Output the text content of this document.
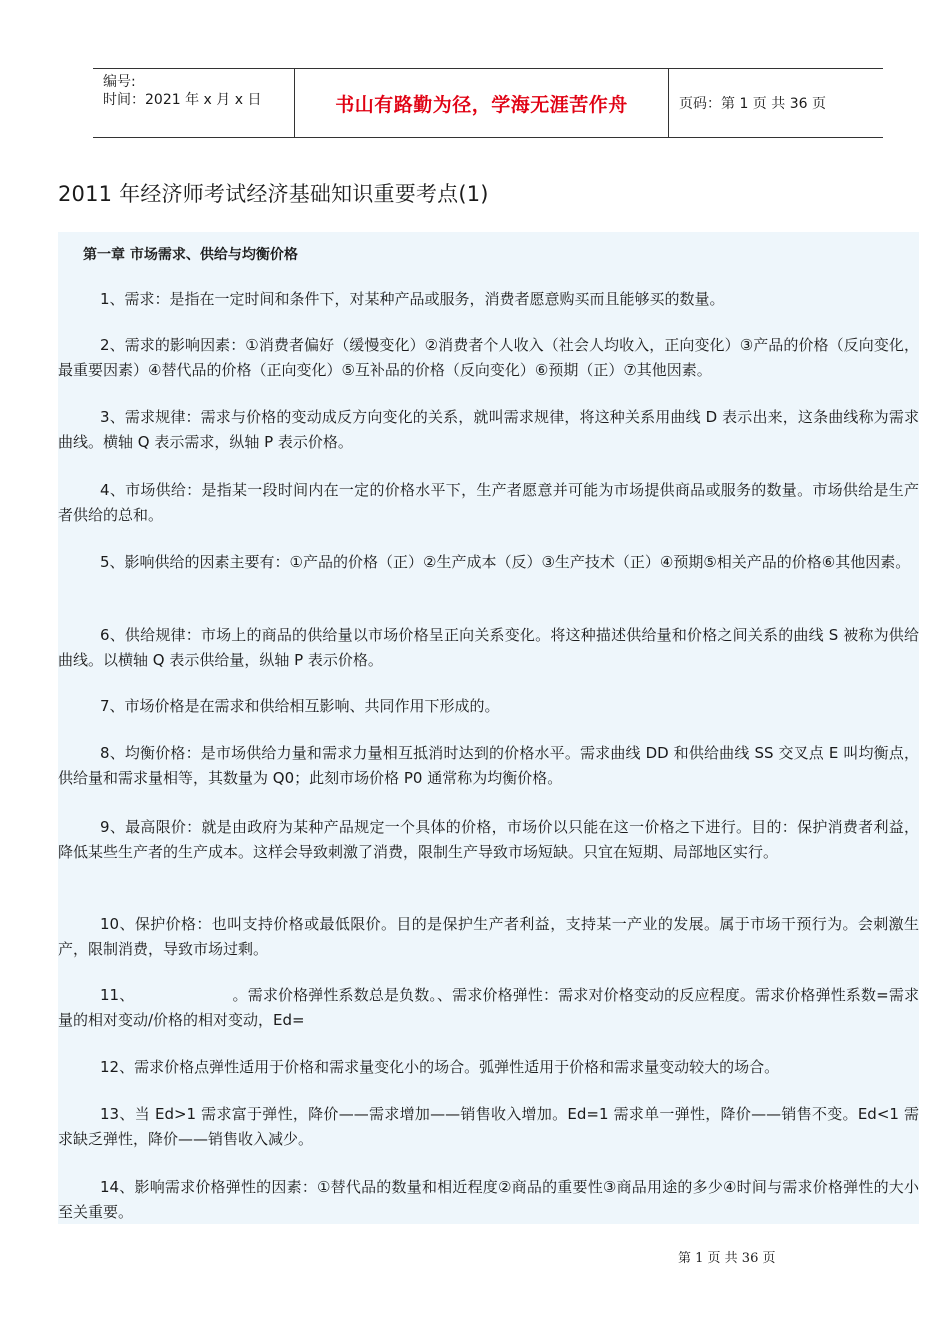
编号:
时间：2021 年 x 月 x 日	书山有路勤为径，学海无涯苦作舟	页码：第 1 页 共 36 页
2011 年经济师考试经济基础知识重要考点(1)
第一章 市场需求、供给与均衡价格

1、需求：是指在一定时间和条件下，对某种产品或服务，消费者愿意购买而且能够买的数量。

2、需求的影响因素：①消费者偏好（缓慢变化）②消费者个人收入（社会人均收入，正向变化）③产品的价格（反向变化，最重要因素）④替代品的价格（正向变化）⑤互补品的价格（反向变化）⑥预期（正）⑦其他因素。

3、需求规律：需求与价格的变动成反方向变化的关系，就叫需求规律，将这种关系用曲线 D 表示出来，这条曲线称为需求曲线。横轴 Q 表示需求，纵轴 P 表示价格。

4、市场供给：是指某一段时间内在一定的价格水平下，生产者愿意并可能为市场提供商品或服务的数量。市场供给是生产者供给的总和。

5、影响供给的因素主要有：①产品的价格（正）②生产成本（反）③生产技术（正）④预期⑤相关产品的价格⑥其他因素。

6、供给规律：市场上的商品的供给量以市场价格呈正向关系变化。将这种描述供给量和价格之间关系的曲线 S 被称为供给曲线。以横轴 Q 表示供给量，纵轴 P 表示价格。

7、市场价格是在需求和供给相互影响、共同作用下形成的。

8、均衡价格：是市场供给力量和需求力量相互抵消时达到的价格水平。需求曲线 DD 和供给曲线 SS 交叉点 E 叫均衡点，供给量和需求量相等，其数量为 Q0；此刻市场价格 P0 通常称为均衡价格。

9、最高限价：就是由政府为某种产品规定一个具体的价格，市场价以只能在这一价格之下进行。目的：保护消费者利益，降低某些生产者的生产成本。这样会导致刺激了消费，限制生产导致市场短缺。只宜在短期、局部地区实行。

10、保护价格：也叫支持价格或最低限价。目的是保护生产者利益，支持某一产业的发展。属于市场干预行为。会刺激生产，限制消费，导致市场过剩。

11、                    。需求价格弹性系数总是负数。、需求价格弹性：需求对价格变动的反应程度。需求价格弹性系数=需求量的相对变动/价格的相对变动，Ed=

12、需求价格点弹性适用于价格和需求量变化小的场合。弧弹性适用于价格和需求量变动较大的场合。

13、当 Ed>1 需求富于弹性，降价——需求增加——销售收入增加。Ed=1 需求单一弹性，降价——销售不变。Ed<1 需求缺乏弹性，降价——销售收入减少。

14、影响需求价格弹性的因素：①替代品的数量和相近程度②商品的重要性③商品用途的多少④时间与需求价格弹性的大小至关重要。

第 1 页 共 36 页
